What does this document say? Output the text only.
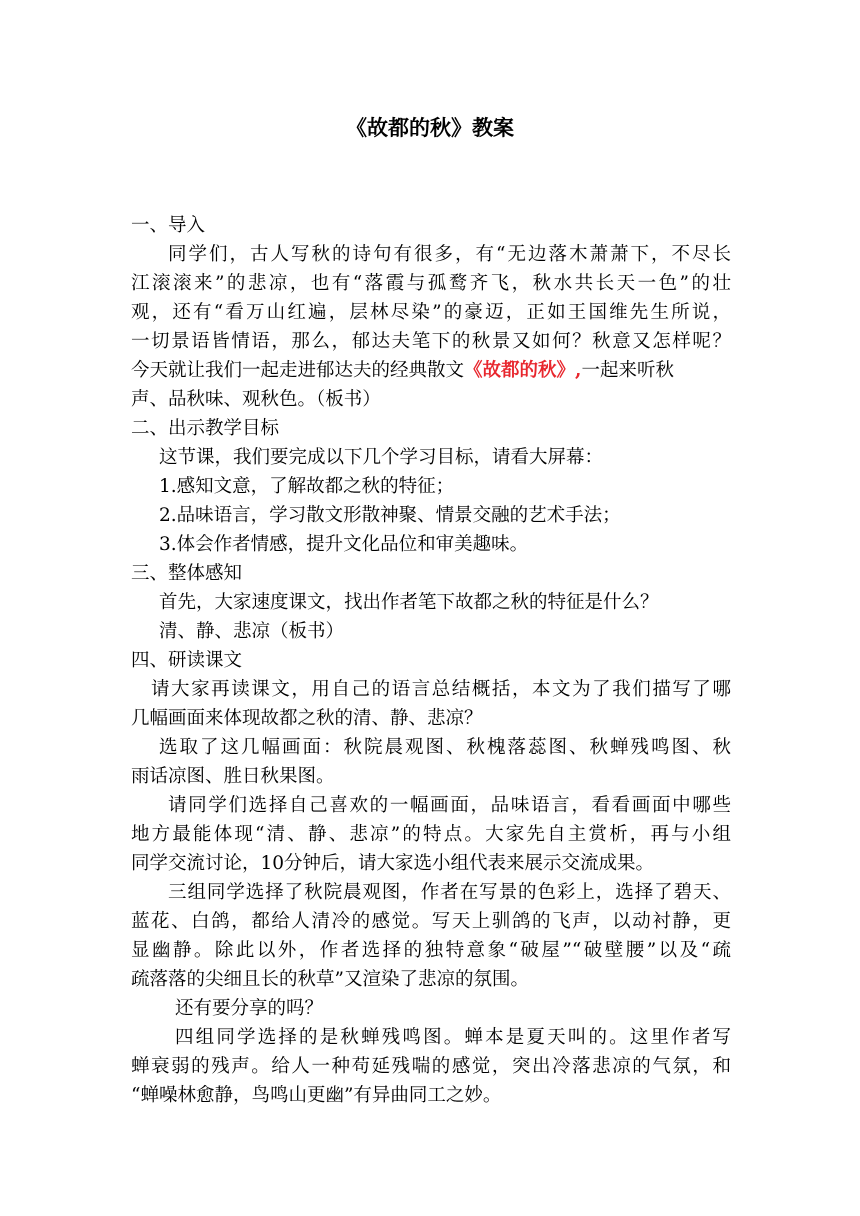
《故都的秋》教案
一、导入
同学们，古人写秋的诗句有很多，有“无边落木萧萧下，不尽长
江滚滚来”的悲凉，也有“落霞与孤鹜齐飞，秋水共长天一色”的壮
观，还有“看万山红遍，层林尽染”的豪迈，正如王国维先生所说，
一切景语皆情语，那么，郁达夫笔下的秋景又如何？秋意又怎样呢？
今天就让我们一起走进郁达夫的经典散文《故都的秋》,一起来听秋
声、品秋味、观秋色。（板书）
二、出示教学目标
这节课，我们要完成以下几个学习目标，请看大屏幕：
1.感知文意，了解故都之秋的特征；
2.品味语言，学习散文形散神聚、情景交融的艺术手法；
3.体会作者情感，提升文化品位和审美趣味。
三、整体感知
首先，大家速度课文，找出作者笔下故都之秋的特征是什么？
清、静、悲凉（板书）
四、研读课文
请大家再读课文，用自己的语言总结概括，本文为了我们描写了哪
几幅画面来体现故都之秋的清、静、悲凉？
选取了这几幅画面：秋院晨观图、秋槐落蕊图、秋蝉残鸣图、秋
雨话凉图、胜日秋果图。
请同学们选择自己喜欢的一幅画面，品味语言，看看画面中哪些
地方最能体现“清、静、悲凉”的特点。大家先自主赏析，再与小组
同学交流讨论，10分钟后，请大家选小组代表来展示交流成果。
三组同学选择了秋院晨观图，作者在写景的色彩上，选择了碧天、
蓝花、白鸽，都给人清冷的感觉。写天上驯鸽的飞声，以动衬静，更
显幽静。除此以外，作者选择的独特意象“破屋”“破壁腰”以及“疏
疏落落的尖细且长的秋草”又渲染了悲凉的氛围。
还有要分享的吗？
四组同学选择的是秋蝉残鸣图。蝉本是夏天叫的。这里作者写
蝉衰弱的残声。给人一种苟延残喘的感觉，突出冷落悲凉的气氛，和
“蝉噪林愈静，鸟鸣山更幽”有异曲同工之妙。
